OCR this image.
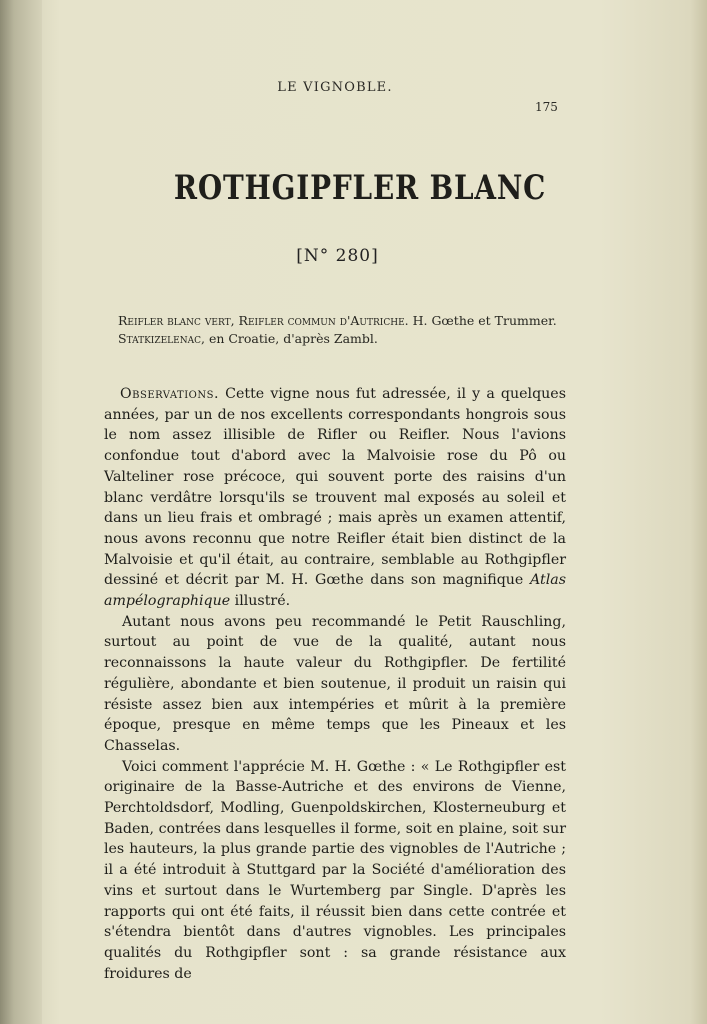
LE VIGNOBLE.
175
ROTHGIPFLER BLANC
[N° 280]
Reifler blanc vert, Reifler commun d'Autriche. H. Gœthe et Trummer.
Statkizelenac, en Croatie, d'après Zambl.

Observations. Cette vigne nous fut adressée, il y a quelques années, par un de nos excellents correspondants hongrois sous le nom assez illisible de Rifler ou Reifler. Nous l'avions confondue tout d'abord avec la Malvoisie rose du Pô ou Valteliner rose précoce, qui souvent porte des raisins d'un blanc verdâtre lorsqu'ils se trouvent mal exposés au soleil et dans un lieu frais et ombragé ; mais après un examen attentif, nous avons reconnu que notre Reifler était bien distinct de la Malvoisie et qu'il était, au contraire, semblable au Rothgipfler dessiné et décrit par M. H. Gœthe dans son magnifique Atlas ampélographique illustré.

Autant nous avons peu recommandé le Petit Rauschling, surtout au point de vue de la qualité, autant nous reconnaissons la haute valeur du Rothgipfler. De fertilité régulière, abondante et bien soutenue, il produit un raisin qui résiste assez bien aux intempéries et mûrit à la première époque, presque en même temps que les Pineaux et les Chasselas.

Voici comment l'apprécie M. H. Gœthe : « Le Rothgipfler est originaire de la Basse-Autriche et des environs de Vienne, Perchtoldsdorf, Modling, Guenpoldskirchen, Klosterneuburg et Baden, contrées dans lesquelles il forme, soit en plaine, soit sur les hauteurs, la plus grande partie des vignobles de l'Autriche ; il a été introduit à Stuttgard par la Société d'amélioration des vins et surtout dans le Wurtemberg par Single. D'après les rapports qui ont été faits, il réussit bien dans cette contrée et s'étendra bientôt dans d'autres vignobles. Les principales qualités du Rothgipfler sont : sa grande résistance aux froidures de
